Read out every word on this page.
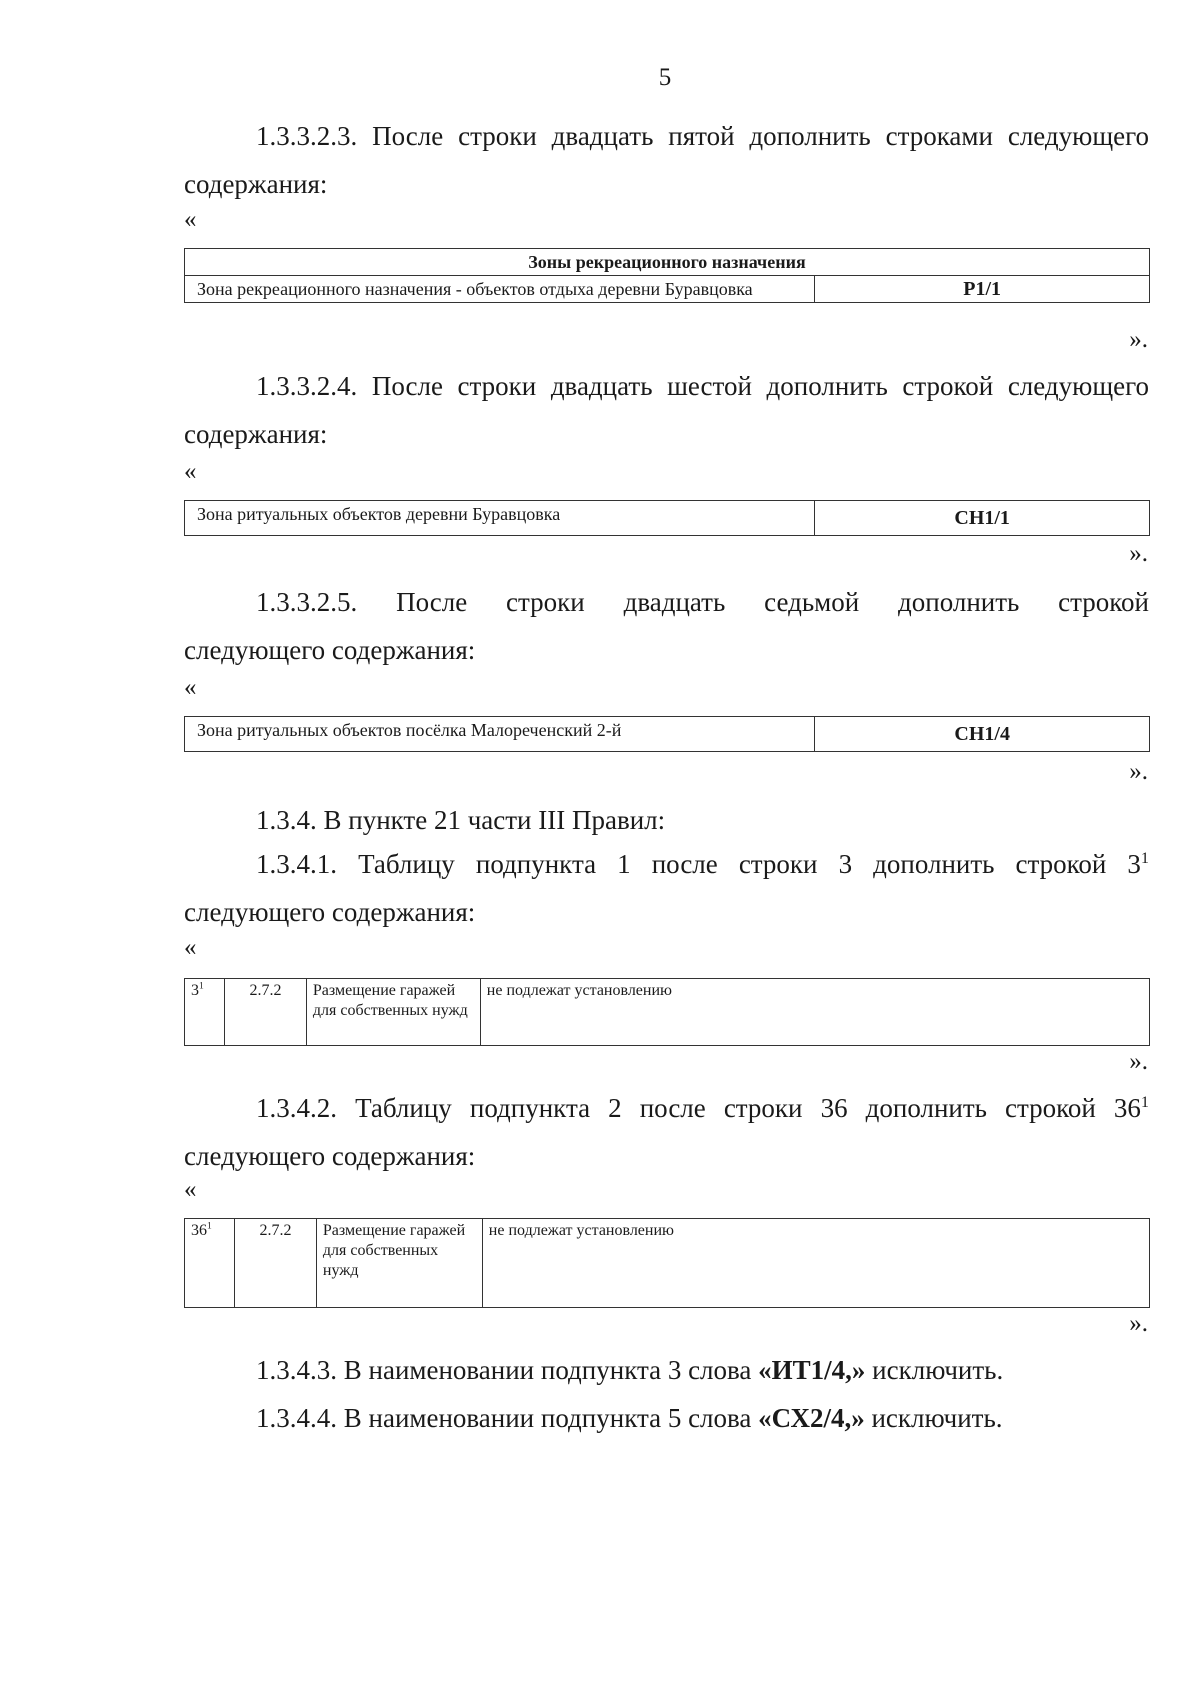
5

1.3.3.2.3. После строки двадцать пятой дополнить строками следующего содержания:

«
Зоны рекреационного назначения
Зона рекреационного назначения - объектов отдыха деревни Буравцовка	Р1/1
».

1.3.3.2.4. После строки двадцать шестой дополнить строкой следующего содержания:

«
Зона ритуальных объектов деревни Буравцовка	СН1/1
».

1.3.3.2.5. После строки двадцать седьмой дополнить строкой

следующего содержания:

«
Зона ритуальных объектов посёлка Малореченский 2-й	СН1/4
».

1.3.4. В пункте 21 части III Правил:

1.3.4.1. Таблицу подпункта 1 после строки 3 дополнить строкой $3^1$ следующего содержания:

«
$3^1$	2.7.2	Размещение гаражей для собственных нужд	не подлежат установлению
».

1.3.4.2. Таблицу подпункта 2 после строки 36 дополнить строкой $36^1$ следующего содержания:

«
$36^1$	2.7.2	Размещение гаражей для собственных нужд	не подлежат установлению
».

1.3.4.3. В наименовании подпункта 3 слова «ИТ1/4,» исключить.

1.3.4.4. В наименовании подпункта 5 слова «СХ2/4,» исключить.
